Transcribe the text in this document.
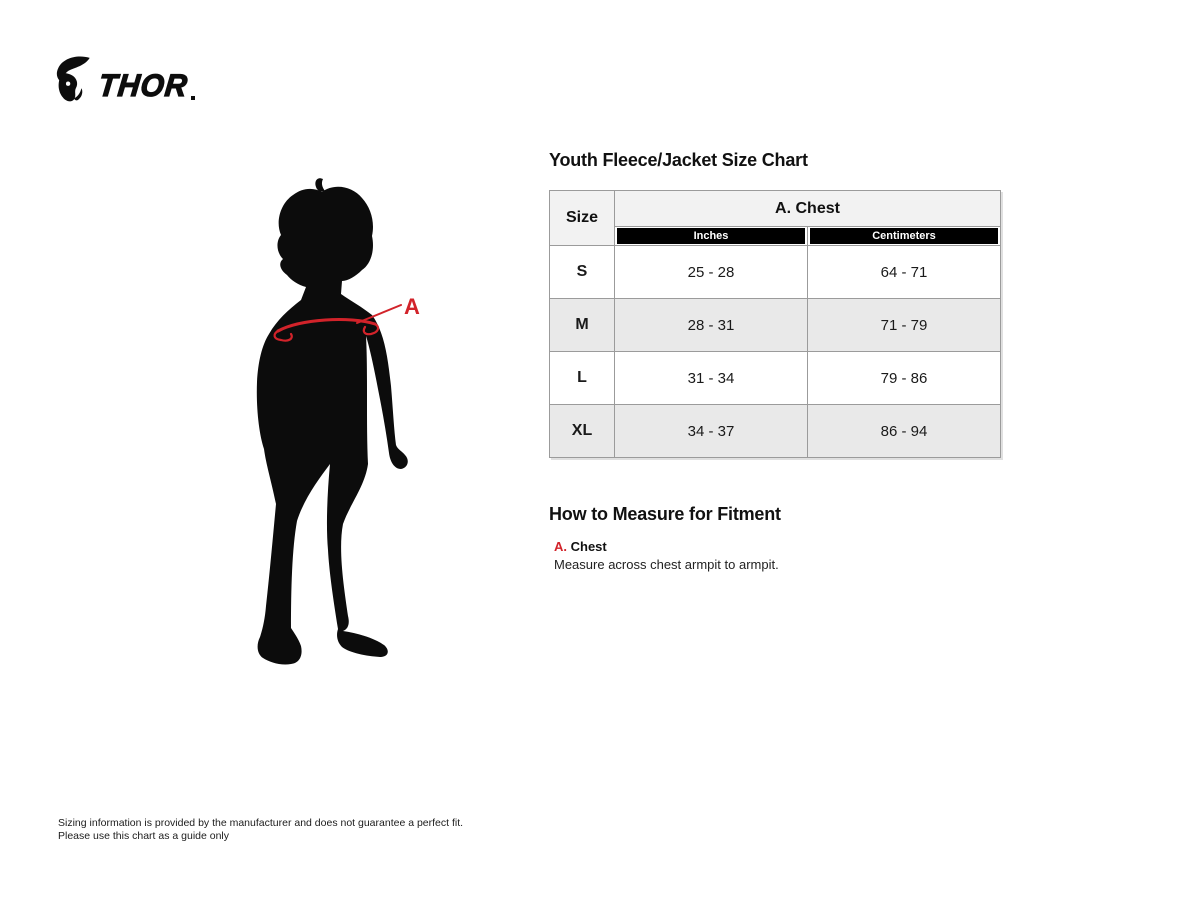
THOR
A
Youth Fleece/Jacket Size Chart
Size	A. Chest	

	Inches	Centimeters

S	25 - 28	64 - 71
M	28 - 31	71 - 79
L	31 - 34	79 - 86
XL	34 - 37	86 - 94
How to Measure for Fitment
A. Chest
Measure across chest armpit to armpit.
Sizing information is provided by the manufacturer and does not guarantee a perfect fit.
Please use this chart as a guide only
